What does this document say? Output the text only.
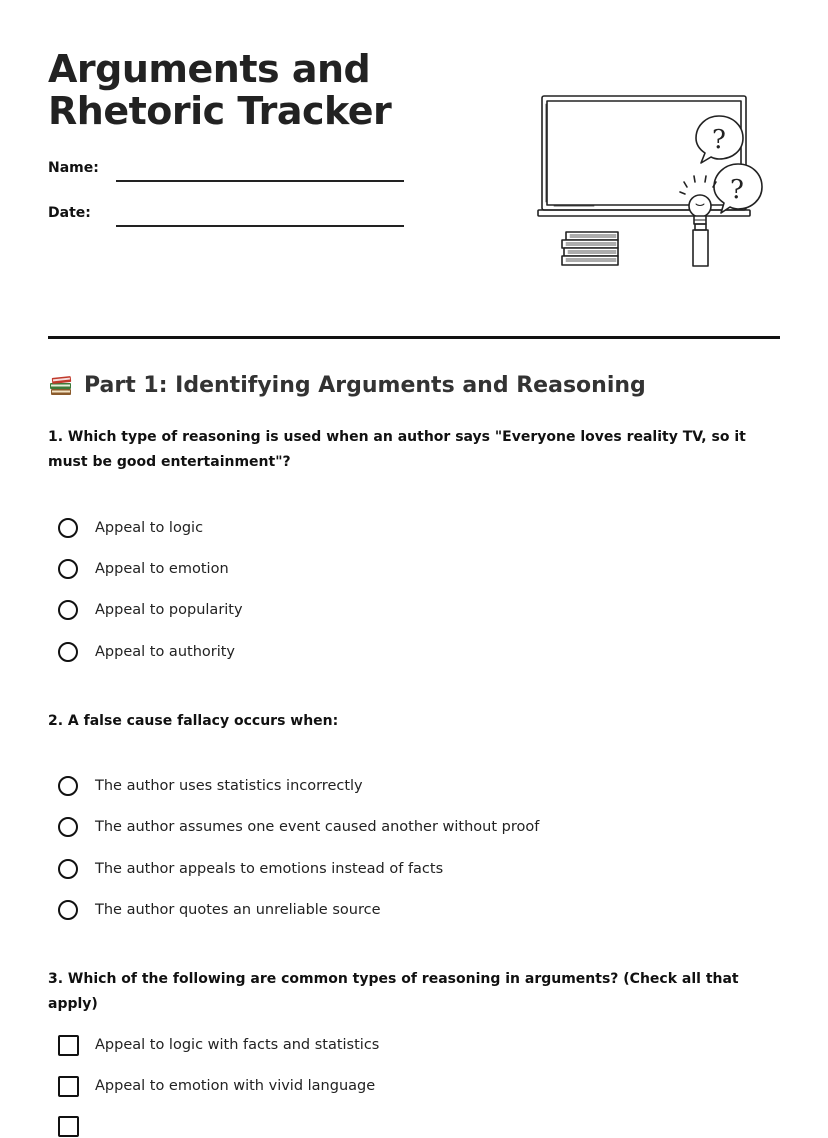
Arguments and Rhetoric Tracker
Name:
Date:
Part 1: Identifying Arguments and Reasoning

1. Which type of reasoning is used when an author says "Everyone loves reality TV, so it must be good entertainment"?

Appeal to logic
Appeal to emotion
Appeal to popularity
Appeal to authority

2. A false cause fallacy occurs when:

The author uses statistics incorrectly
The author assumes one event caused another without proof
The author appeals to emotions instead of facts
The author quotes an unreliable source

3. Which of the following are common types of reasoning in arguments? (Check all that apply)

Appeal to logic with facts and statistics
Appeal to emotion with vivid language
?
?
